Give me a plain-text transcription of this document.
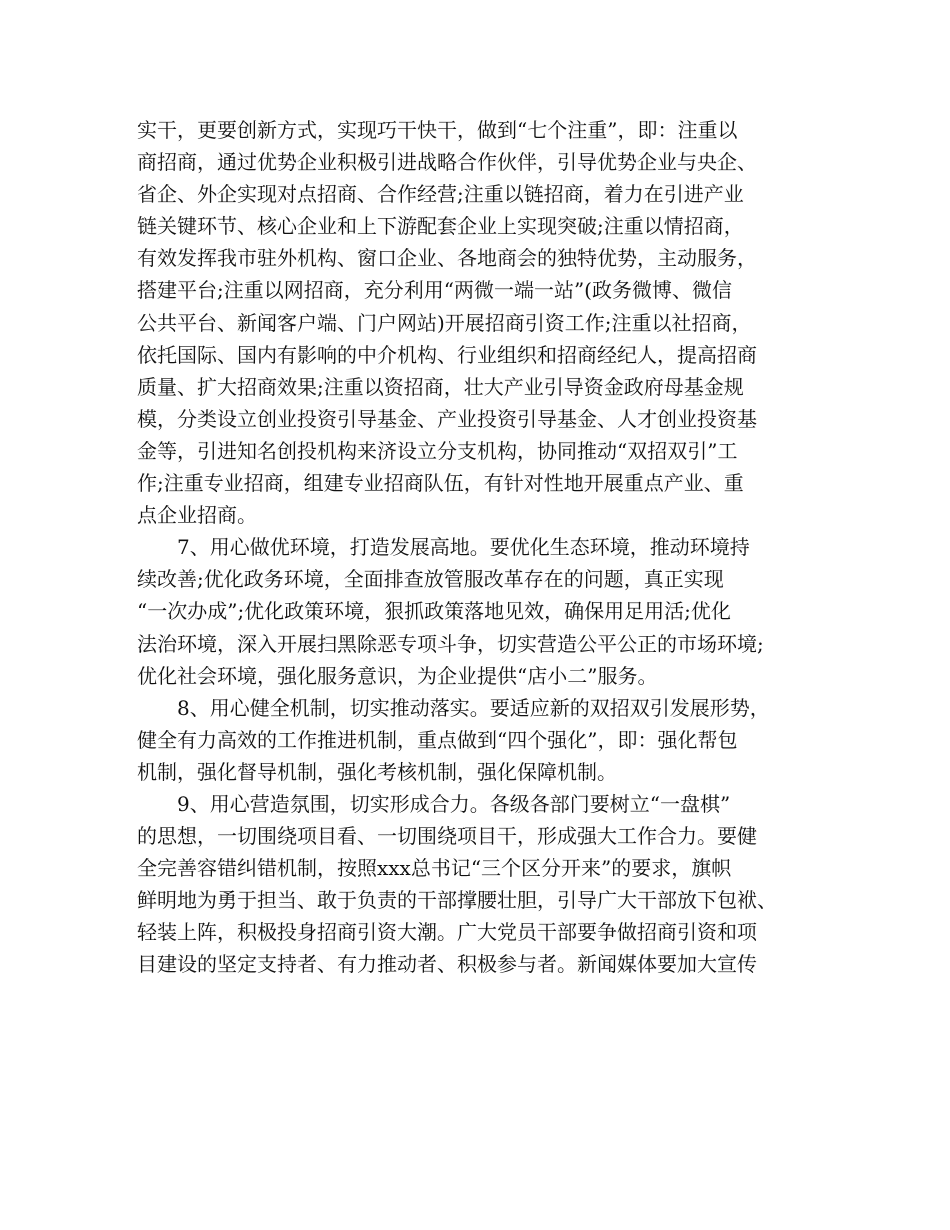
实干，更要创新方式，实现巧干快干，做到“七个注重”，即：注重以
商招商，通过优势企业积极引进战略合作伙伴，引导优势企业与央企、
省企、外企实现对点招商、合作经营;注重以链招商，着力在引进产业
链关键环节、核心企业和上下游配套企业上实现突破;注重以情招商，
有效发挥我市驻外机构、窗口企业、各地商会的独特优势，主动服务，
搭建平台;注重以网招商，充分利用“两微一端一站”(政务微博、微信
公共平台、新闻客户端、门户网站)开展招商引资工作;注重以社招商，
依托国际、国内有影响的中介机构、行业组织和招商经纪人，提高招商
质量、扩大招商效果;注重以资招商，壮大产业引导资金政府母基金规
模，分类设立创业投资引导基金、产业投资引导基金、人才创业投资基
金等，引进知名创投机构来济设立分支机构，协同推动“双招双引”工
作;注重专业招商，组建专业招商队伍，有针对性地开展重点产业、重
点企业招商。
　　7、用心做优环境，打造发展高地。要优化生态环境，推动环境持
续改善;优化政务环境，全面排查放管服改革存在的问题，真正实现
“一次办成”;优化政策环境，狠抓政策落地见效，确保用足用活;优化
法治环境，深入开展扫黑除恶专项斗争，切实营造公平公正的市场环境;
优化社会环境，强化服务意识，为企业提供“店小二”服务。
　　8、用心健全机制，切实推动落实。要适应新的双招双引发展形势，
健全有力高效的工作推进机制，重点做到“四个强化”，即：强化帮包
机制，强化督导机制，强化考核机制，强化保障机制。
　　9、用心营造氛围，切实形成合力。各级各部门要树立“一盘棋”
的思想，一切围绕项目看、一切围绕项目干，形成强大工作合力。要健
全完善容错纠错机制，按照xxx总书记“三个区分开来”的要求，旗帜
鲜明地为勇于担当、敢于负责的干部撑腰壮胆，引导广大干部放下包袱、
轻装上阵，积极投身招商引资大潮。广大党员干部要争做招商引资和项
目建设的坚定支持者、有力推动者、积极参与者。新闻媒体要加大宣传
